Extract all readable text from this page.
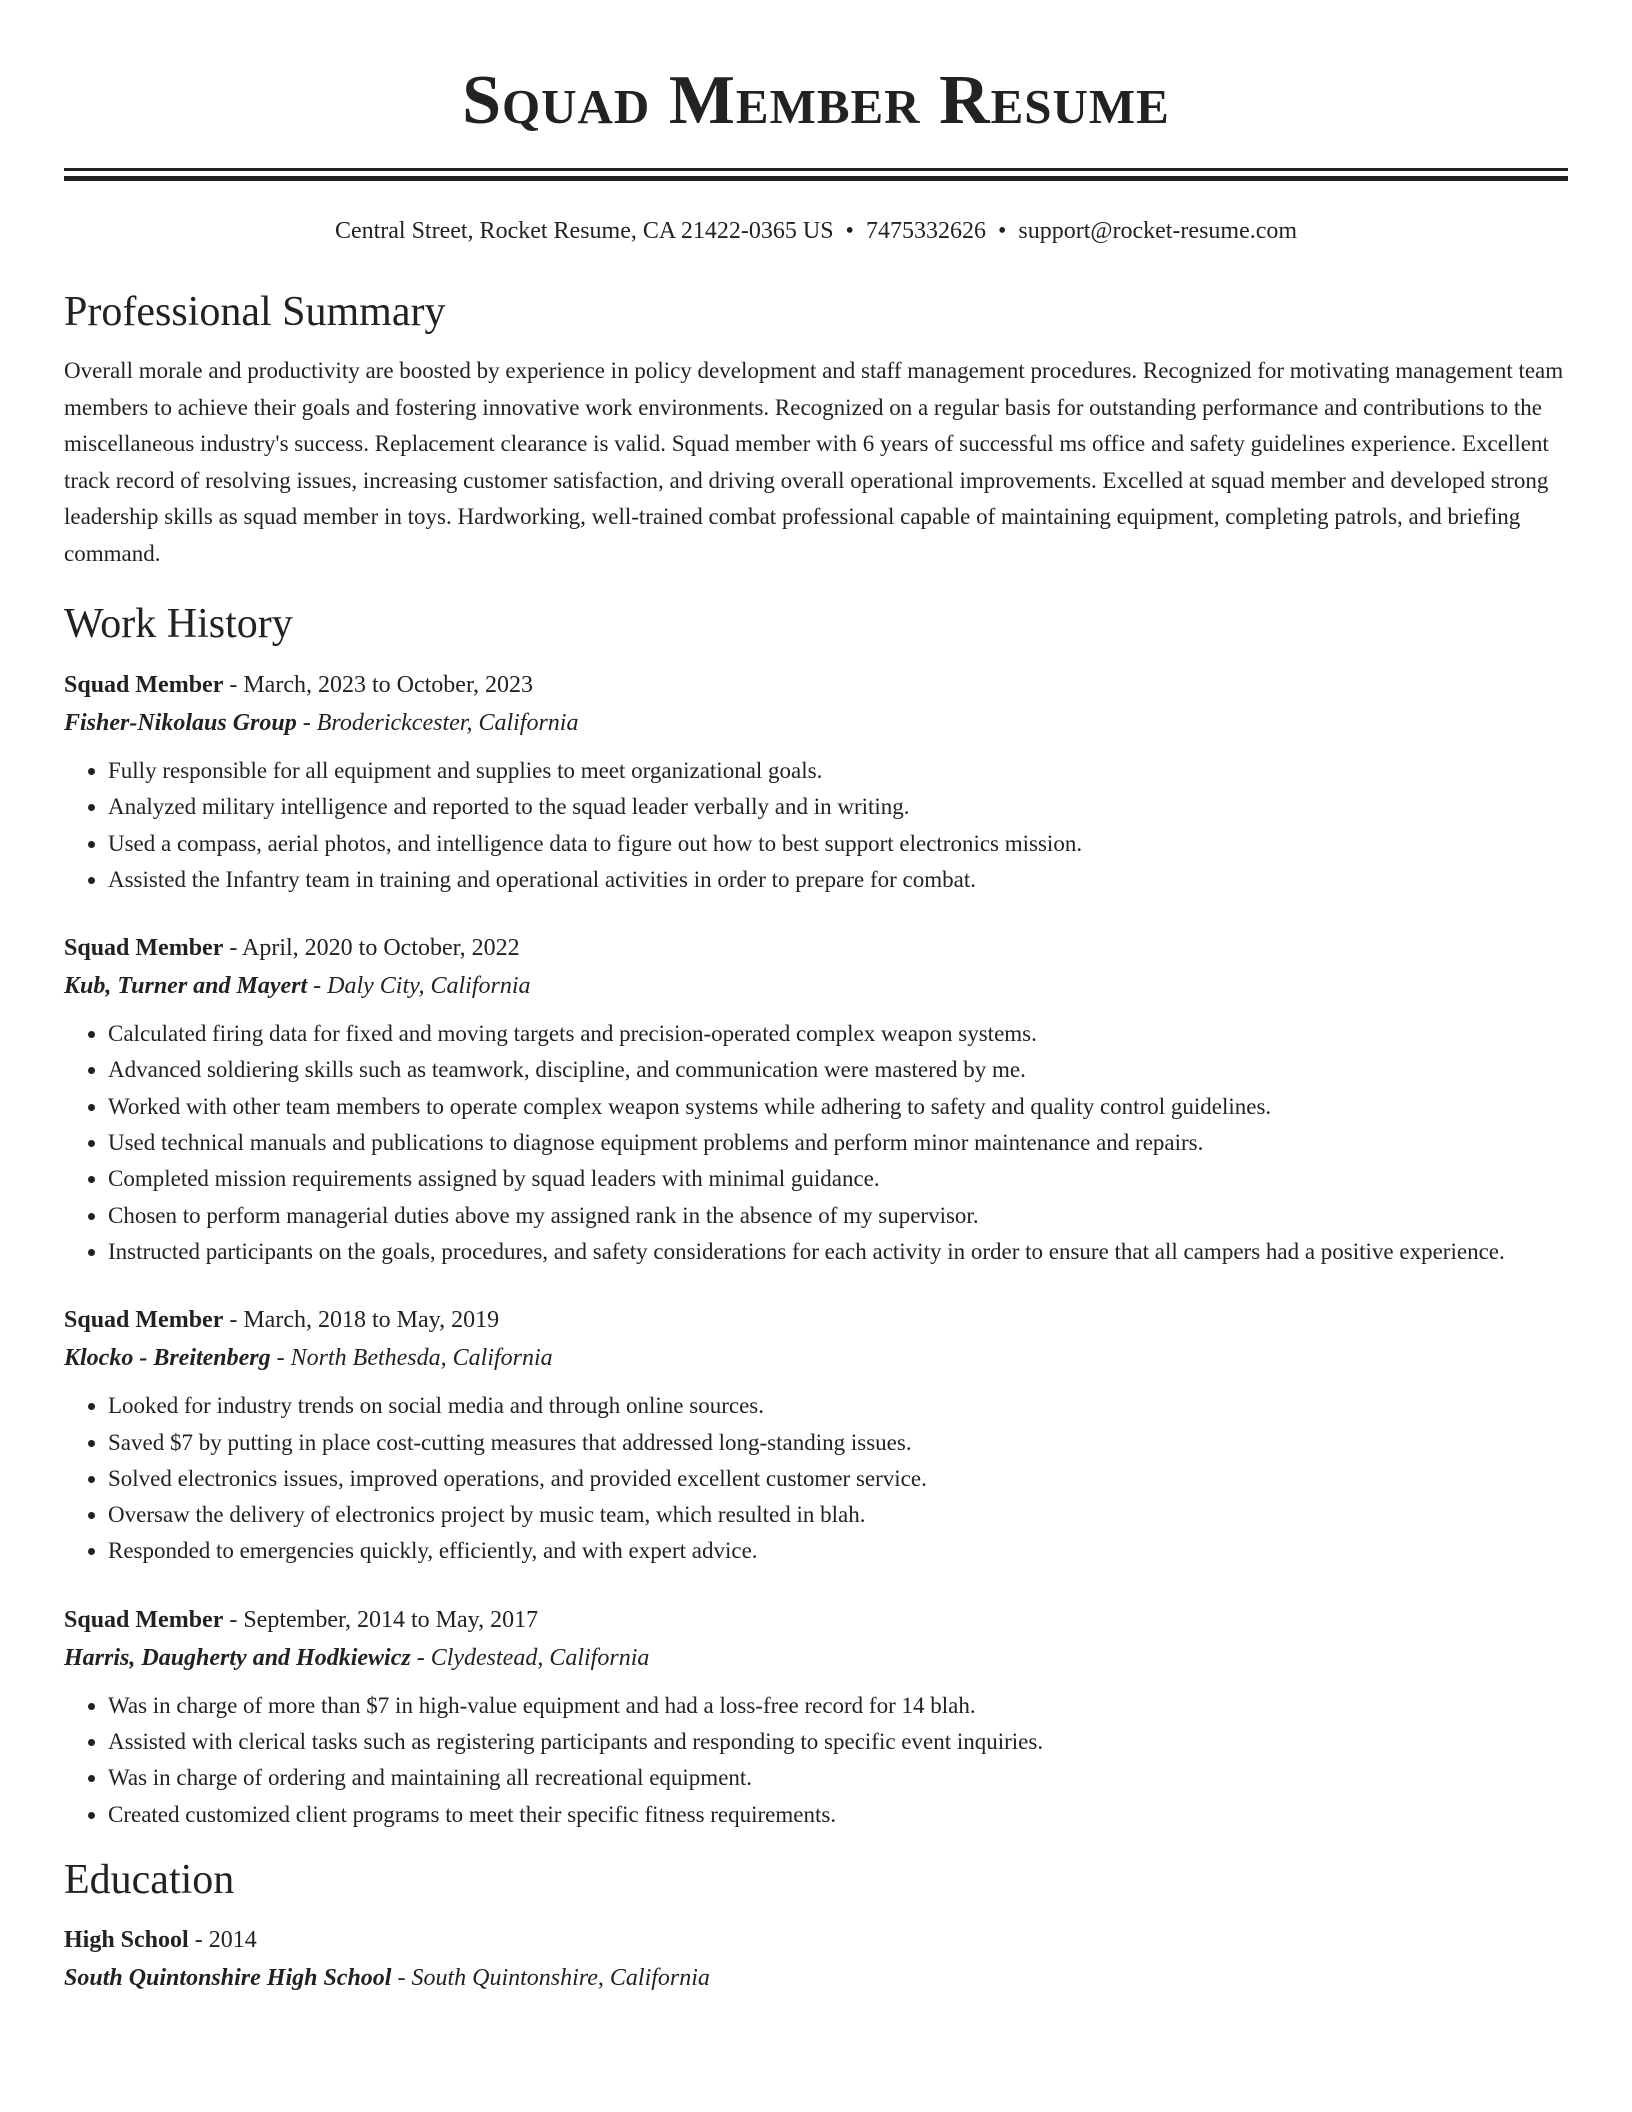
Squad Member Resume
Central Street, Rocket Resume, CA 21422-0365 US • 7475332626 • support@rocket-resume.com
Professional Summary

Overall morale and productivity are boosted by experience in policy development and staff management procedures. Recognized for motivating management team members to achieve their goals and fostering innovative work environments. Recognized on a regular basis for outstanding performance and contributions to the miscellaneous industry's success. Replacement clearance is valid. Squad member with 6 years of successful ms office and safety guidelines experience. Excellent track record of resolving issues, increasing customer satisfaction, and driving overall operational improvements. Excelled at squad member and developed strong leadership skills as squad member in toys. Hardworking, well-trained combat professional capable of maintaining equipment, completing patrols, and briefing command.

Work History
Squad Member - March, 2023 to October, 2023
Fisher-Nikolaus Group - Broderickcester, California
• Fully responsible for all equipment and supplies to meet organizational goals.
• Analyzed military intelligence and reported to the squad leader verbally and in writing.
• Used a compass, aerial photos, and intelligence data to figure out how to best support electronics mission.
• Assisted the Infantry team in training and operational activities in order to prepare for combat.
Squad Member - April, 2020 to October, 2022
Kub, Turner and Mayert - Daly City, California
• Calculated firing data for fixed and moving targets and precision-operated complex weapon systems.
• Advanced soldiering skills such as teamwork, discipline, and communication were mastered by me.
• Worked with other team members to operate complex weapon systems while adhering to safety and quality control guidelines.
• Used technical manuals and publications to diagnose equipment problems and perform minor maintenance and repairs.
• Completed mission requirements assigned by squad leaders with minimal guidance.
• Chosen to perform managerial duties above my assigned rank in the absence of my supervisor.
• Instructed participants on the goals, procedures, and safety considerations for each activity in order to ensure that all campers had a positive experience.
Squad Member - March, 2018 to May, 2019
Klocko - Breitenberg - North Bethesda, California
• Looked for industry trends on social media and through online sources.
• Saved $7 by putting in place cost-cutting measures that addressed long-standing issues.
• Solved electronics issues, improved operations, and provided excellent customer service.
• Oversaw the delivery of electronics project by music team, which resulted in blah.
• Responded to emergencies quickly, efficiently, and with expert advice.
Squad Member - September, 2014 to May, 2017
Harris, Daugherty and Hodkiewicz - Clydestead, California
• Was in charge of more than $7 in high-value equipment and had a loss-free record for 14 blah.
• Assisted with clerical tasks such as registering participants and responding to specific event inquiries.
• Was in charge of ordering and maintaining all recreational equipment.
• Created customized client programs to meet their specific fitness requirements.
Education
High School - 2014
South Quintonshire High School - South Quintonshire, California
